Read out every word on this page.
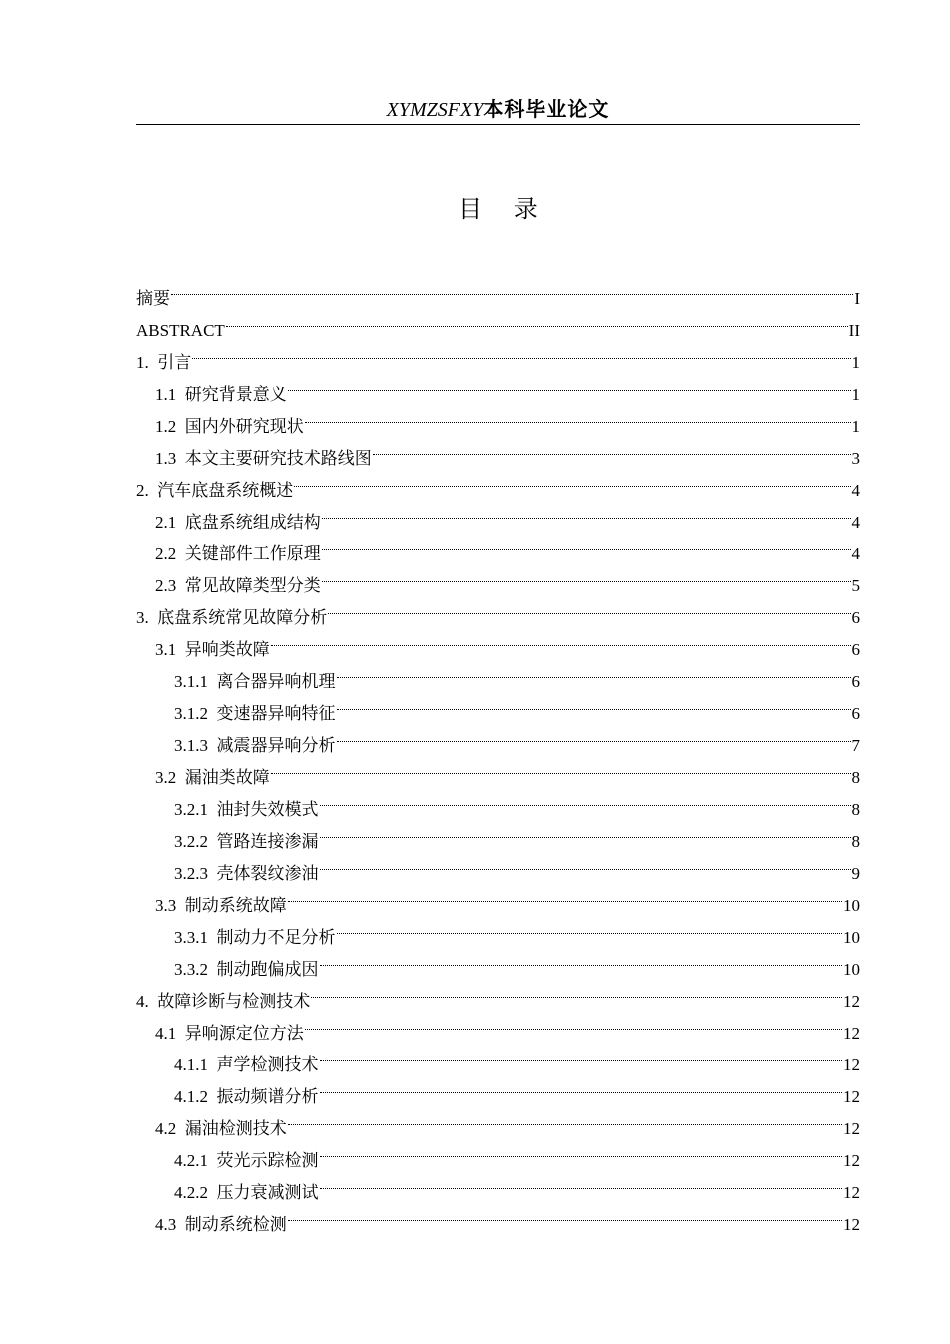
XYMZSFXY本科毕业论文
目 录
摘要	I
ABSTRACT	II
1. 引言	1
1.1 研究背景意义	1
1.2 国内外研究现状	1
1.3 本文主要研究技术路线图	3
2. 汽车底盘系统概述	4
2.1 底盘系统组成结构	4
2.2 关键部件工作原理	4
2.3 常见故障类型分类	5
3. 底盘系统常见故障分析	6
3.1 异响类故障	6
3.1.1 离合器异响机理	6
3.1.2 变速器异响特征	6
3.1.3 减震器异响分析	7
3.2 漏油类故障	8
3.2.1 油封失效模式	8
3.2.2 管路连接渗漏	8
3.2.3 壳体裂纹渗油	9
3.3 制动系统故障	10
3.3.1 制动力不足分析	10
3.3.2 制动跑偏成因	10
4. 故障诊断与检测技术	12
4.1 异响源定位方法	12
4.1.1 声学检测技术	12
4.1.2 振动频谱分析	12
4.2 漏油检测技术	12
4.2.1 荧光示踪检测	12
4.2.2 压力衰减测试	12
4.3 制动系统检测	12
